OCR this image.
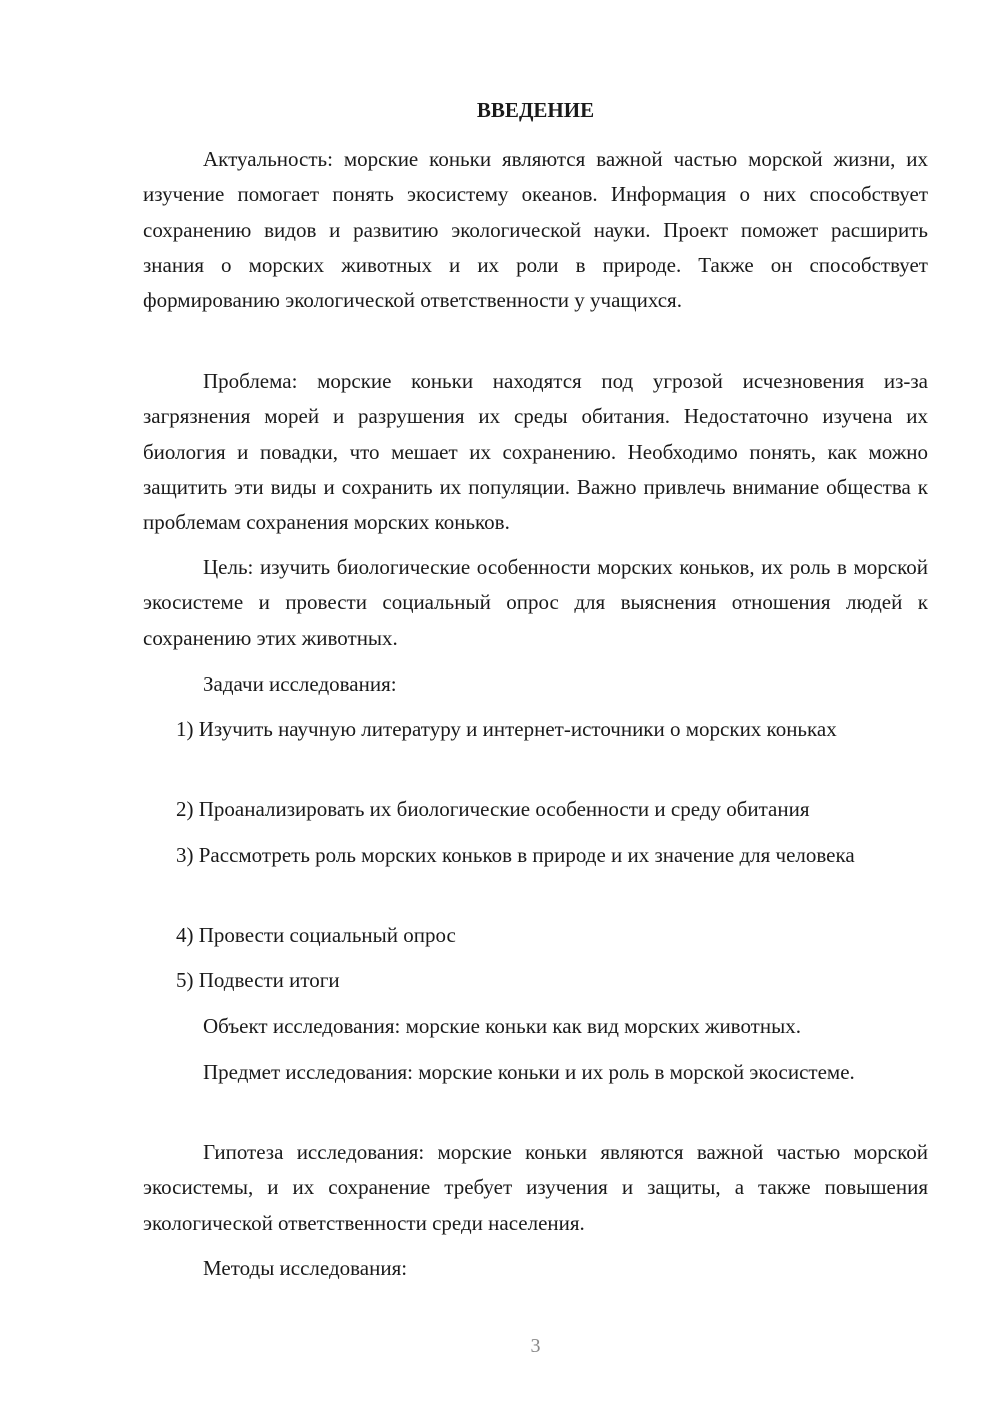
ВВЕДЕНИЕ

Актуальность: морские коньки являются важной частью морской жизни, их изучение помогает понять экосистему океанов. Информация о них способствует сохранению видов и развитию экологической науки. Проект поможет расширить знания о морских животных и их роли в природе. Также он способствует формированию экологической ответственности у учащихся.

Проблема: морские коньки находятся под угрозой исчезновения из-за загрязнения морей и разрушения их среды обитания. Недостаточно изучена их биология и повадки, что мешает их сохранению. Необходимо понять, как можно защитить эти виды и сохранить их популяции. Важно привлечь внимание общества к проблемам сохранения морских коньков.

Цель: изучить биологические особенности морских коньков, их роль в морской экосистеме и провести социальный опрос для выяснения отношения людей к сохранению этих животных.

Задачи исследования:

1) Изучить научную литературу и интернет-источники о морских коньках

2) Проанализировать их биологические особенности и среду обитания

3) Рассмотреть роль морских коньков в природе и их значение для человека

4) Провести социальный опрос

5) Подвести итоги

Объект исследования: морские коньки как вид морских животных.

Предмет исследования: морские коньки и их роль в морской экосистеме.

Гипотеза исследования: морские коньки являются важной частью морской экосистемы, и их сохранение требует изучения и защиты, а также повышения экологической ответственности среди населения.

Методы исследования:

3
